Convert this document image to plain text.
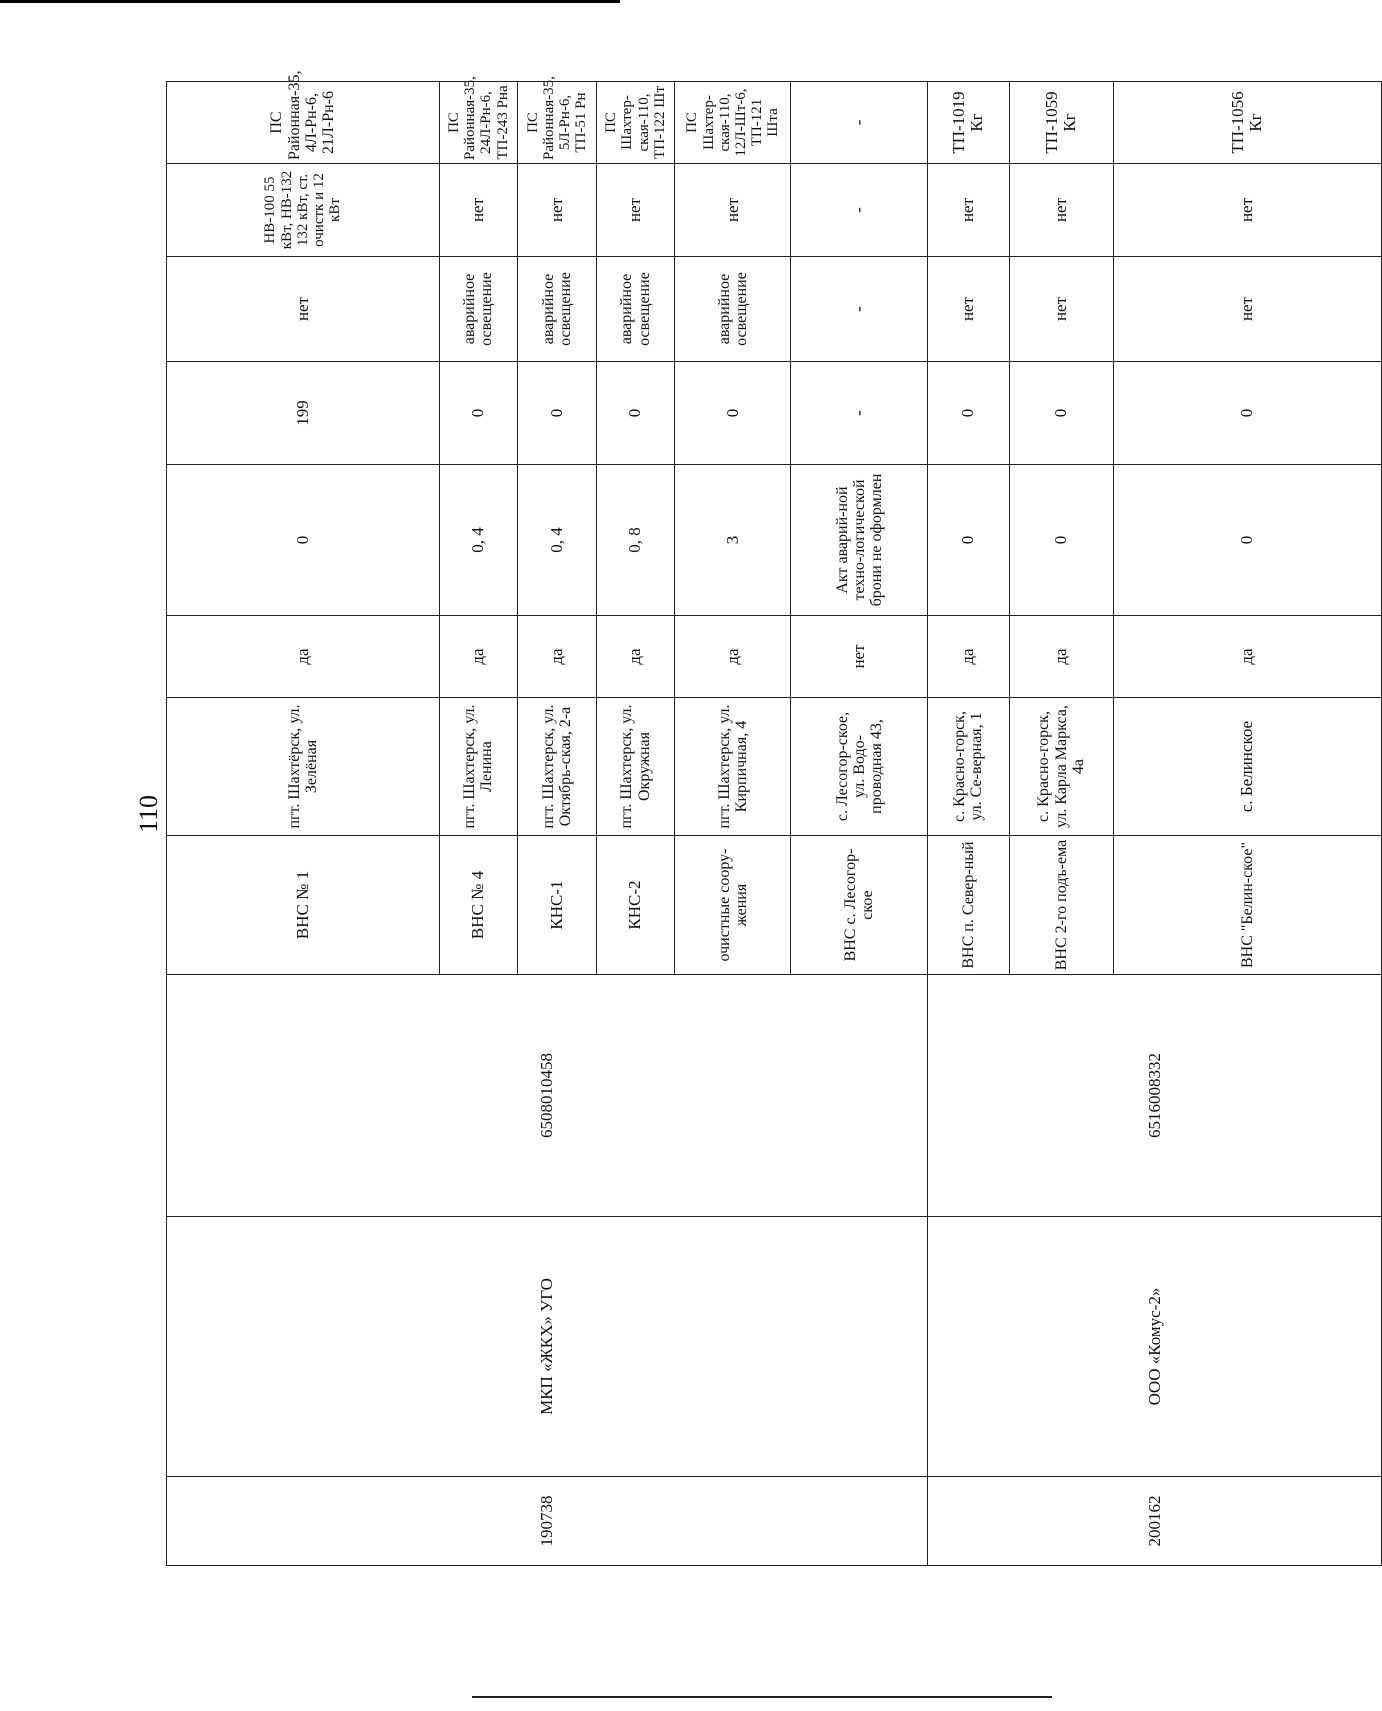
110
190738	МКП «ЖКХ» УГО	6508010458	ВНС № 1	пгт. Шахтёрск, ул. Зелёная	да	0	199	нет	НВ-100 55 кВт, НВ-132 132 кВт, ст. очистк и 12 кВт	ПС Районная-35, 4Л-Рн-6, 21Л-Рн-6
			ВНС № 4	пгт. Шахтерск, ул. Ленина	да	0, 4	0	аварийное освещение	нет	ПС Районная-35, 24Л-Рн-6, ТП-243 Рна
			КНС-1	пгт. Шахтерск, ул. Октябрь-ская, 2-а	да	0, 4	0	аварийное освещение	нет	ПС Районная-35, 5Л-Рн-6, ТП-51 Рн
			КНС-2	пгт. Шахтерск, ул. Окружная	да	0, 8	0	аварийное освещение	нет	ПС Шахтер-ская-110, ТП-122 Шт
			очистные соору-жения	пгт. Шахтерск, ул. Кирпичная, 4	да	3	0	аварийное освещение	нет	ПС Шахтер-ская-110, 12Л-Шт-6, ТП-121 Шта
			ВНС с. Лесогор-ское	с. Лесогор-ское, ул. Водо-проводная 43,	нет	Акт аварий-ной техно-логической брони не оформлен	-	-	-	-
200162	ООО «Комус-2»	6516008332	ВНС п. Север-ный	с. Красно-горск, ул. Се-верная, 1	да	0	0	нет	нет	ТП-1019 Кг
			ВНС 2-го подъ-ема	с. Красно-горск, ул. Карла Маркса, 4а	да	0	0	нет	нет	ТП-1059 Кг
			ВНС "Белин-ское"	с. Белинское	да	0	0	нет	нет	ТП-1056 Кг
